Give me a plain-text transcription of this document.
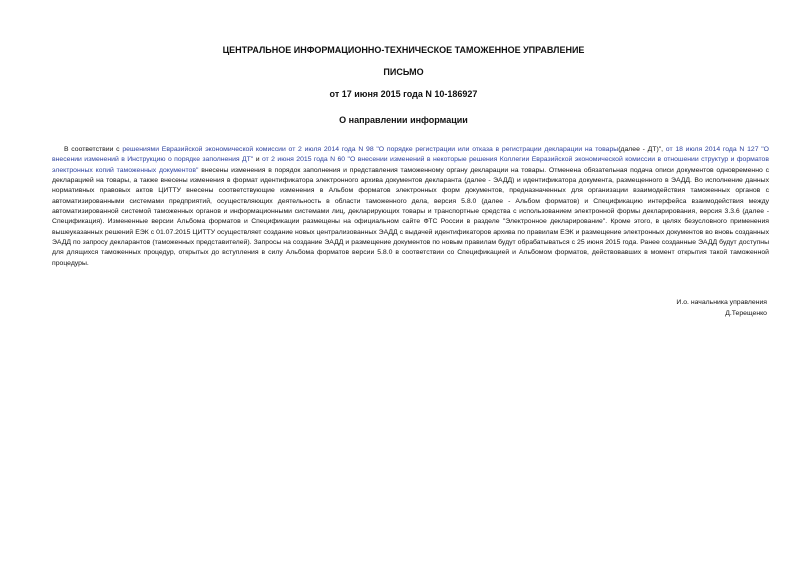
ЦЕНТРАЛЬНОЕ ИНФОРМАЦИОННО-ТЕХНИЧЕСКОЕ ТАМОЖЕННОЕ УПРАВЛЕНИЕ
ПИСЬМО
от 17 июня 2015 года N 10-186927
О направлении информации
В соответствии с решениями Евразийской экономической комиссии от 2 июля 2014 года N 98 "О порядке регистрации или отказа в регистрации декларации на товары(далее - ДТ)", от 18 июля 2014 года N 127 "О внесении изменений в Инструкцию о порядке заполнения ДТ" и от 2 июня 2015 года N 60 "О внесении изменений в некоторые решения Коллегии Евразийской экономической комиссии в отношении структур и форматов электронных копий таможенных документов" внесены изменения в порядок заполнения и представления таможенному органу декларации на товары. Отменена обязательная подача описи документов одновременно с декларацией на товары, а также внесены изменения в формат идентификатора электронного архива документов декларанта (далее - ЭАДД) и идентификатора документа, размещенного в ЭАДД. Во исполнение данных нормативных правовых актов ЦИТТУ внесены соответствующие изменения в Альбом форматов электронных форм документов, предназначенных для организации взаимодействия таможенных органов с автоматизированными системами предприятий, осуществляющих деятельность в области таможенного дела, версия 5.8.0 (далее - Альбом форматов) и Спецификацию интерфейса взаимодействия между автоматизированной системой таможенных органов и информационными системами лиц, декларирующих товары и транспортные средства с использованием электронной формы декларирования, версия 3.3.6 (далее - Спецификация). Измененные версии Альбома форматов и Спецификации размещены на официальном сайте ФТС России в разделе "Электронное декларирование". Кроме этого, в целях безусловного применения вышеуказанных решений ЕЭК с 01.07.2015 ЦИТТУ осуществляет создание новых централизованных ЭАДД с выдачей идентификаторов архива по правилам ЕЭК и размещение электронных документов во вновь созданных ЭАДД по запросу декларантов (таможенных представителей). Запросы на создание ЭАДД и размещение документов по новым правилам будут обрабатываться с 25 июня 2015 года. Ранее созданные ЭАДД будут доступны для длящихся таможенных процедур, открытых до вступления в силу Альбома форматов версии 5.8.0 в соответствии со Спецификацией и Альбомом форматов, действовавших в момент открытия такой таможенной процедуры.
И.о. начальника управления
Д.Терещенко
